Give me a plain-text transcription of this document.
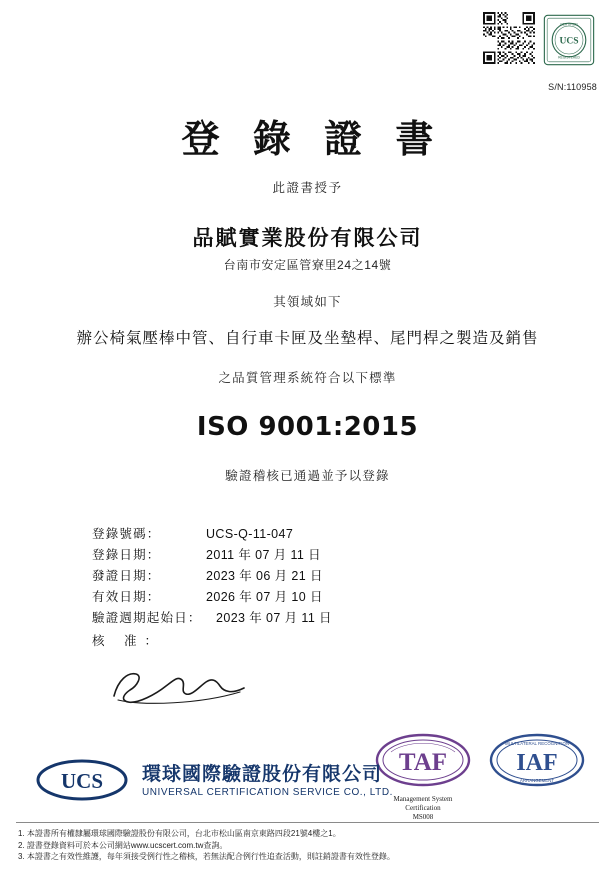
UCS
CERTIFIED
REGISTERED
S/N:110958
登 錄 證 書
此證書授予
品賦實業股份有限公司
台南市安定區管寮里24之14號
其領域如下
辦公椅氣壓棒中管、自行車卡匣及坐墊桿、尾門桿之製造及銷售
之品質管理系統符合以下標準
ISO 9001:2015
驗證稽核已通過並予以登錄
登錄號碼：	UCS-Q-11-047
登錄日期：	2011 年 07 月 11 日
發證日期：	2023 年 06 月 21 日
有效日期：	2026 年 07 月 10 日
驗證週期起始日：	2023 年 07 月 11 日
核 准：
TAF
Management System
Certification
MS008
IAF
MULTILATERAL RECOGNITION
ARRANGEMENT
UCS 環球國際驗證股份有限公司
UNIVERSAL CERTIFICATION SERVICE CO., LTD.
1. 本證書所有權隸屬環球國際驗證股份有限公司，台北市松山區南京東路四段21號4樓之1。
2. 證書登錄資料可於本公司網站www.ucscert.com.tw查詢。
3. 本證書之有效性維護，每年須接受例行性之稽核，若無法配合例行性追查活動，則註銷證書有效性登錄。
